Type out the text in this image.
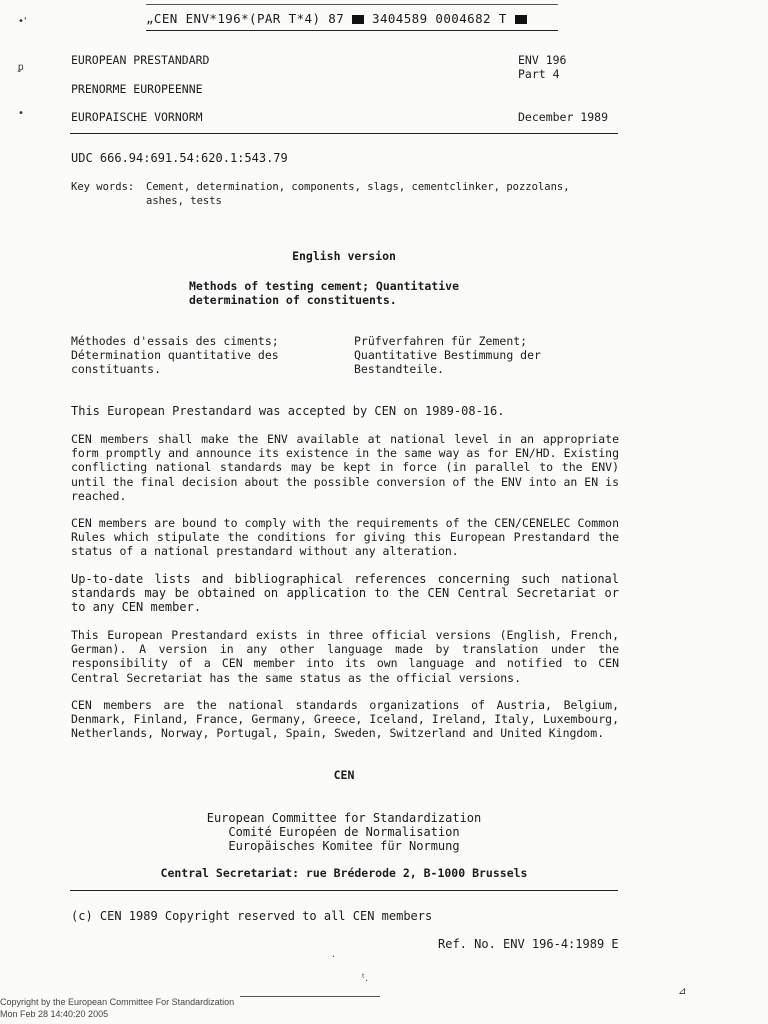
„CEN ENV*196*(PAR T*4) 87 3404589 0004682 T
•'
ᵱ
•
EUROPEAN PRESTANDARD
PRENORME EUROPEENNE
EUROPAISCHE VORNORM
ENV 196
Part 4
December 1989
UDC 666.94:691.54:620.1:543.79
Key words: Cement, determination, components, slags, cementclinker, pozzolans,
ashes, tests
English version
Methods of testing cement; Quantitative
determination of constituents.
Méthodes d'essais des ciments;
Détermination quantitative des
constituants.
Prüfverfahren für Zement;
Quantitative Bestimmung der
Bestandteile.
This European Prestandard was accepted by CEN on 1989-08-16.
CEN members shall make the ENV available at national level in an appropriate form promptly and announce its existence in the same way as for EN/HD. Existing conflicting national standards may be kept in force (in parallel to the ENV) until the final decision about the possible conversion of the ENV into an EN is reached.
CEN members are bound to comply with the requirements of the CEN/CENELEC Common Rules which stipulate the conditions for giving this European Prestandard the status of a national prestandard without any alteration.
Up-to-date lists and bibliographical references concerning such national standards may be obtained on application to the CEN Central Secretariat or to any CEN member.
This European Prestandard exists in three official versions (English, French, German). A version in any other language made by translation under the responsibility of a CEN member into its own language and notified to CEN Central Secretariat has the same status as the official versions.
CEN members are the national standards organizations of Austria, Belgium, Denmark, Finland, France, Germany, Greece, Iceland, Ireland, Italy, Luxembourg, Netherlands, Norway, Portugal, Spain, Sweden, Switzerland and United Kingdom.
CEN
European Committee for Standardization
Comité Européen de Normalisation
Europäisches Komitee für Normung
Central Secretariat: rue Bréderode 2, B-1000 Brussels
(c) CEN 1989 Copyright reserved to all CEN members
Ref. No. ENV 196-4:1989 E
·
ᵗ.
⊿
Copyright by the European Committee For Standardization
Mon Feb 28 14:40:20 2005
